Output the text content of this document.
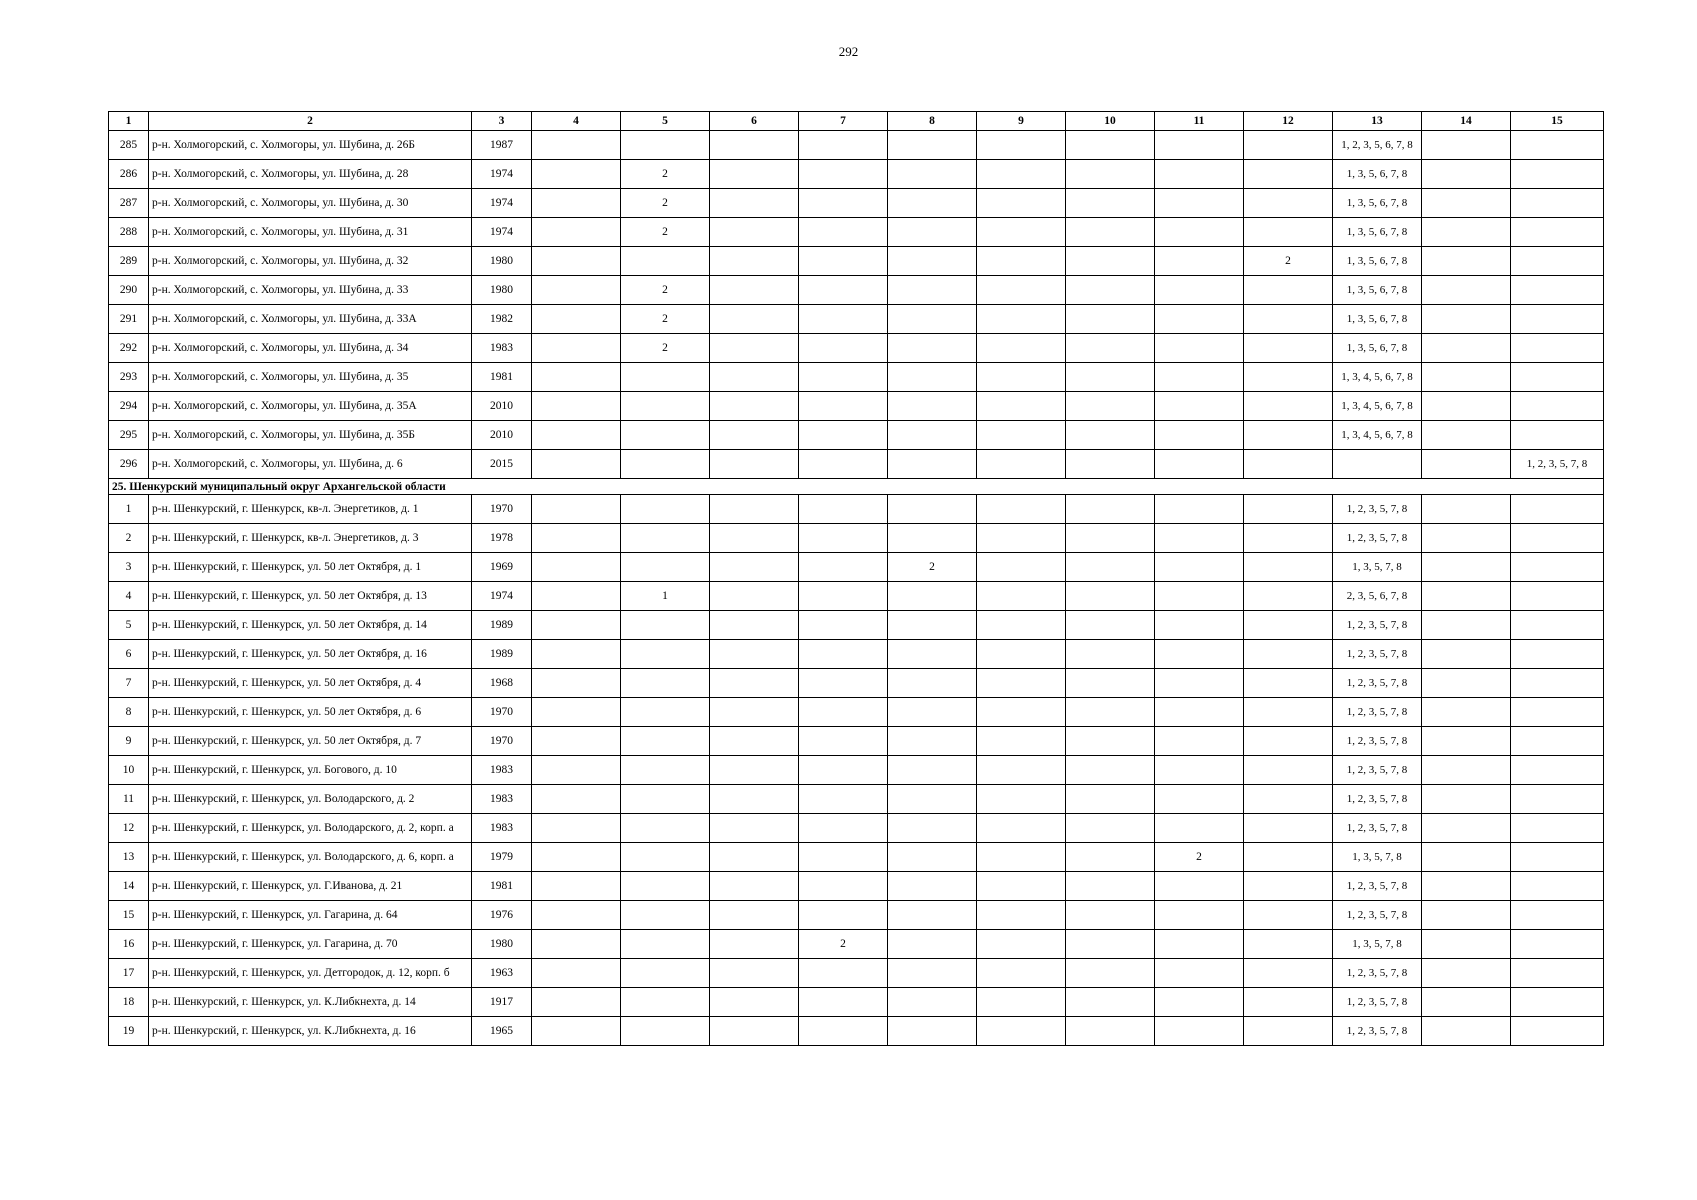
292
1	2	3	4	5	6	7	8	9	10	11	12	13	14	15
285	р-н. Холмогорский, с. Холмогоры, ул. Шубина, д. 26Б	1987										1, 2, 3, 5, 6, 7, 8		
286	р-н. Холмогорский, с. Холмогоры, ул. Шубина, д. 28	1974		2								1, 3, 5, 6, 7, 8		
287	р-н. Холмогорский, с. Холмогоры, ул. Шубина, д. 30	1974		2								1, 3, 5, 6, 7, 8		
288	р-н. Холмогорский, с. Холмогоры, ул. Шубина, д. 31	1974		2								1, 3, 5, 6, 7, 8		
289	р-н. Холмогорский, с. Холмогоры, ул. Шубина, д. 32	1980									2	1, 3, 5, 6, 7, 8		
290	р-н. Холмогорский, с. Холмогоры, ул. Шубина, д. 33	1980		2								1, 3, 5, 6, 7, 8		
291	р-н. Холмогорский, с. Холмогоры, ул. Шубина, д. 33А	1982		2								1, 3, 5, 6, 7, 8		
292	р-н. Холмогорский, с. Холмогоры, ул. Шубина, д. 34	1983		2								1, 3, 5, 6, 7, 8		
293	р-н. Холмогорский, с. Холмогоры, ул. Шубина, д. 35	1981										1, 3, 4, 5, 6, 7, 8		
294	р-н. Холмогорский, с. Холмогоры, ул. Шубина, д. 35А	2010										1, 3, 4, 5, 6, 7, 8		
295	р-н. Холмогорский, с. Холмогоры, ул. Шубина, д. 35Б	2010										1, 3, 4, 5, 6, 7, 8		
296	р-н. Холмогорский, с. Холмогоры, ул. Шубина, д. 6	2015												1, 2, 3, 5, 7, 8
25. Шенкурский муниципальный округ Архангельской области														
1	р-н. Шенкурский, г. Шенкурск, кв-л. Энергетиков, д. 1	1970										1, 2, 3, 5, 7, 8		
2	р-н. Шенкурский, г. Шенкурск, кв-л. Энергетиков, д. 3	1978										1, 2, 3, 5, 7, 8		
3	р-н. Шенкурский, г. Шенкурск, ул. 50 лет Октября, д. 1	1969					2					1, 3, 5, 7, 8		
4	р-н. Шенкурский, г. Шенкурск, ул. 50 лет Октября, д. 13	1974		1								2, 3, 5, 6, 7, 8		
5	р-н. Шенкурский, г. Шенкурск, ул. 50 лет Октября, д. 14	1989										1, 2, 3, 5, 7, 8		
6	р-н. Шенкурский, г. Шенкурск, ул. 50 лет Октября, д. 16	1989										1, 2, 3, 5, 7, 8		
7	р-н. Шенкурский, г. Шенкурск, ул. 50 лет Октября, д. 4	1968										1, 2, 3, 5, 7, 8		
8	р-н. Шенкурский, г. Шенкурск, ул. 50 лет Октября, д. 6	1970										1, 2, 3, 5, 7, 8		
9	р-н. Шенкурский, г. Шенкурск, ул. 50 лет Октября, д. 7	1970										1, 2, 3, 5, 7, 8		
10	р-н. Шенкурский, г. Шенкурск, ул. Богового, д. 10	1983										1, 2, 3, 5, 7, 8		
11	р-н. Шенкурский, г. Шенкурск, ул. Володарского, д. 2	1983										1, 2, 3, 5, 7, 8		
12	р-н. Шенкурский, г. Шенкурск, ул. Володарского, д. 2, корп. а	1983										1, 2, 3, 5, 7, 8		
13	р-н. Шенкурский, г. Шенкурск, ул. Володарского, д. 6, корп. а	1979								2		1, 3, 5, 7, 8		
14	р-н. Шенкурский, г. Шенкурск, ул. Г.Иванова, д. 21	1981										1, 2, 3, 5, 7, 8		
15	р-н. Шенкурский, г. Шенкурск, ул. Гагарина, д. 64	1976										1, 2, 3, 5, 7, 8		
16	р-н. Шенкурский, г. Шенкурск, ул. Гагарина, д. 70	1980				2						1, 3, 5, 7, 8		
17	р-н. Шенкурский, г. Шенкурск, ул. Детгородок, д. 12, корп. б	1963										1, 2, 3, 5, 7, 8		
18	р-н. Шенкурский, г. Шенкурск, ул. К.Либкнехта, д. 14	1917										1, 2, 3, 5, 7, 8		
19	р-н. Шенкурский, г. Шенкурск, ул. К.Либкнехта, д. 16	1965										1, 2, 3, 5, 7, 8		
